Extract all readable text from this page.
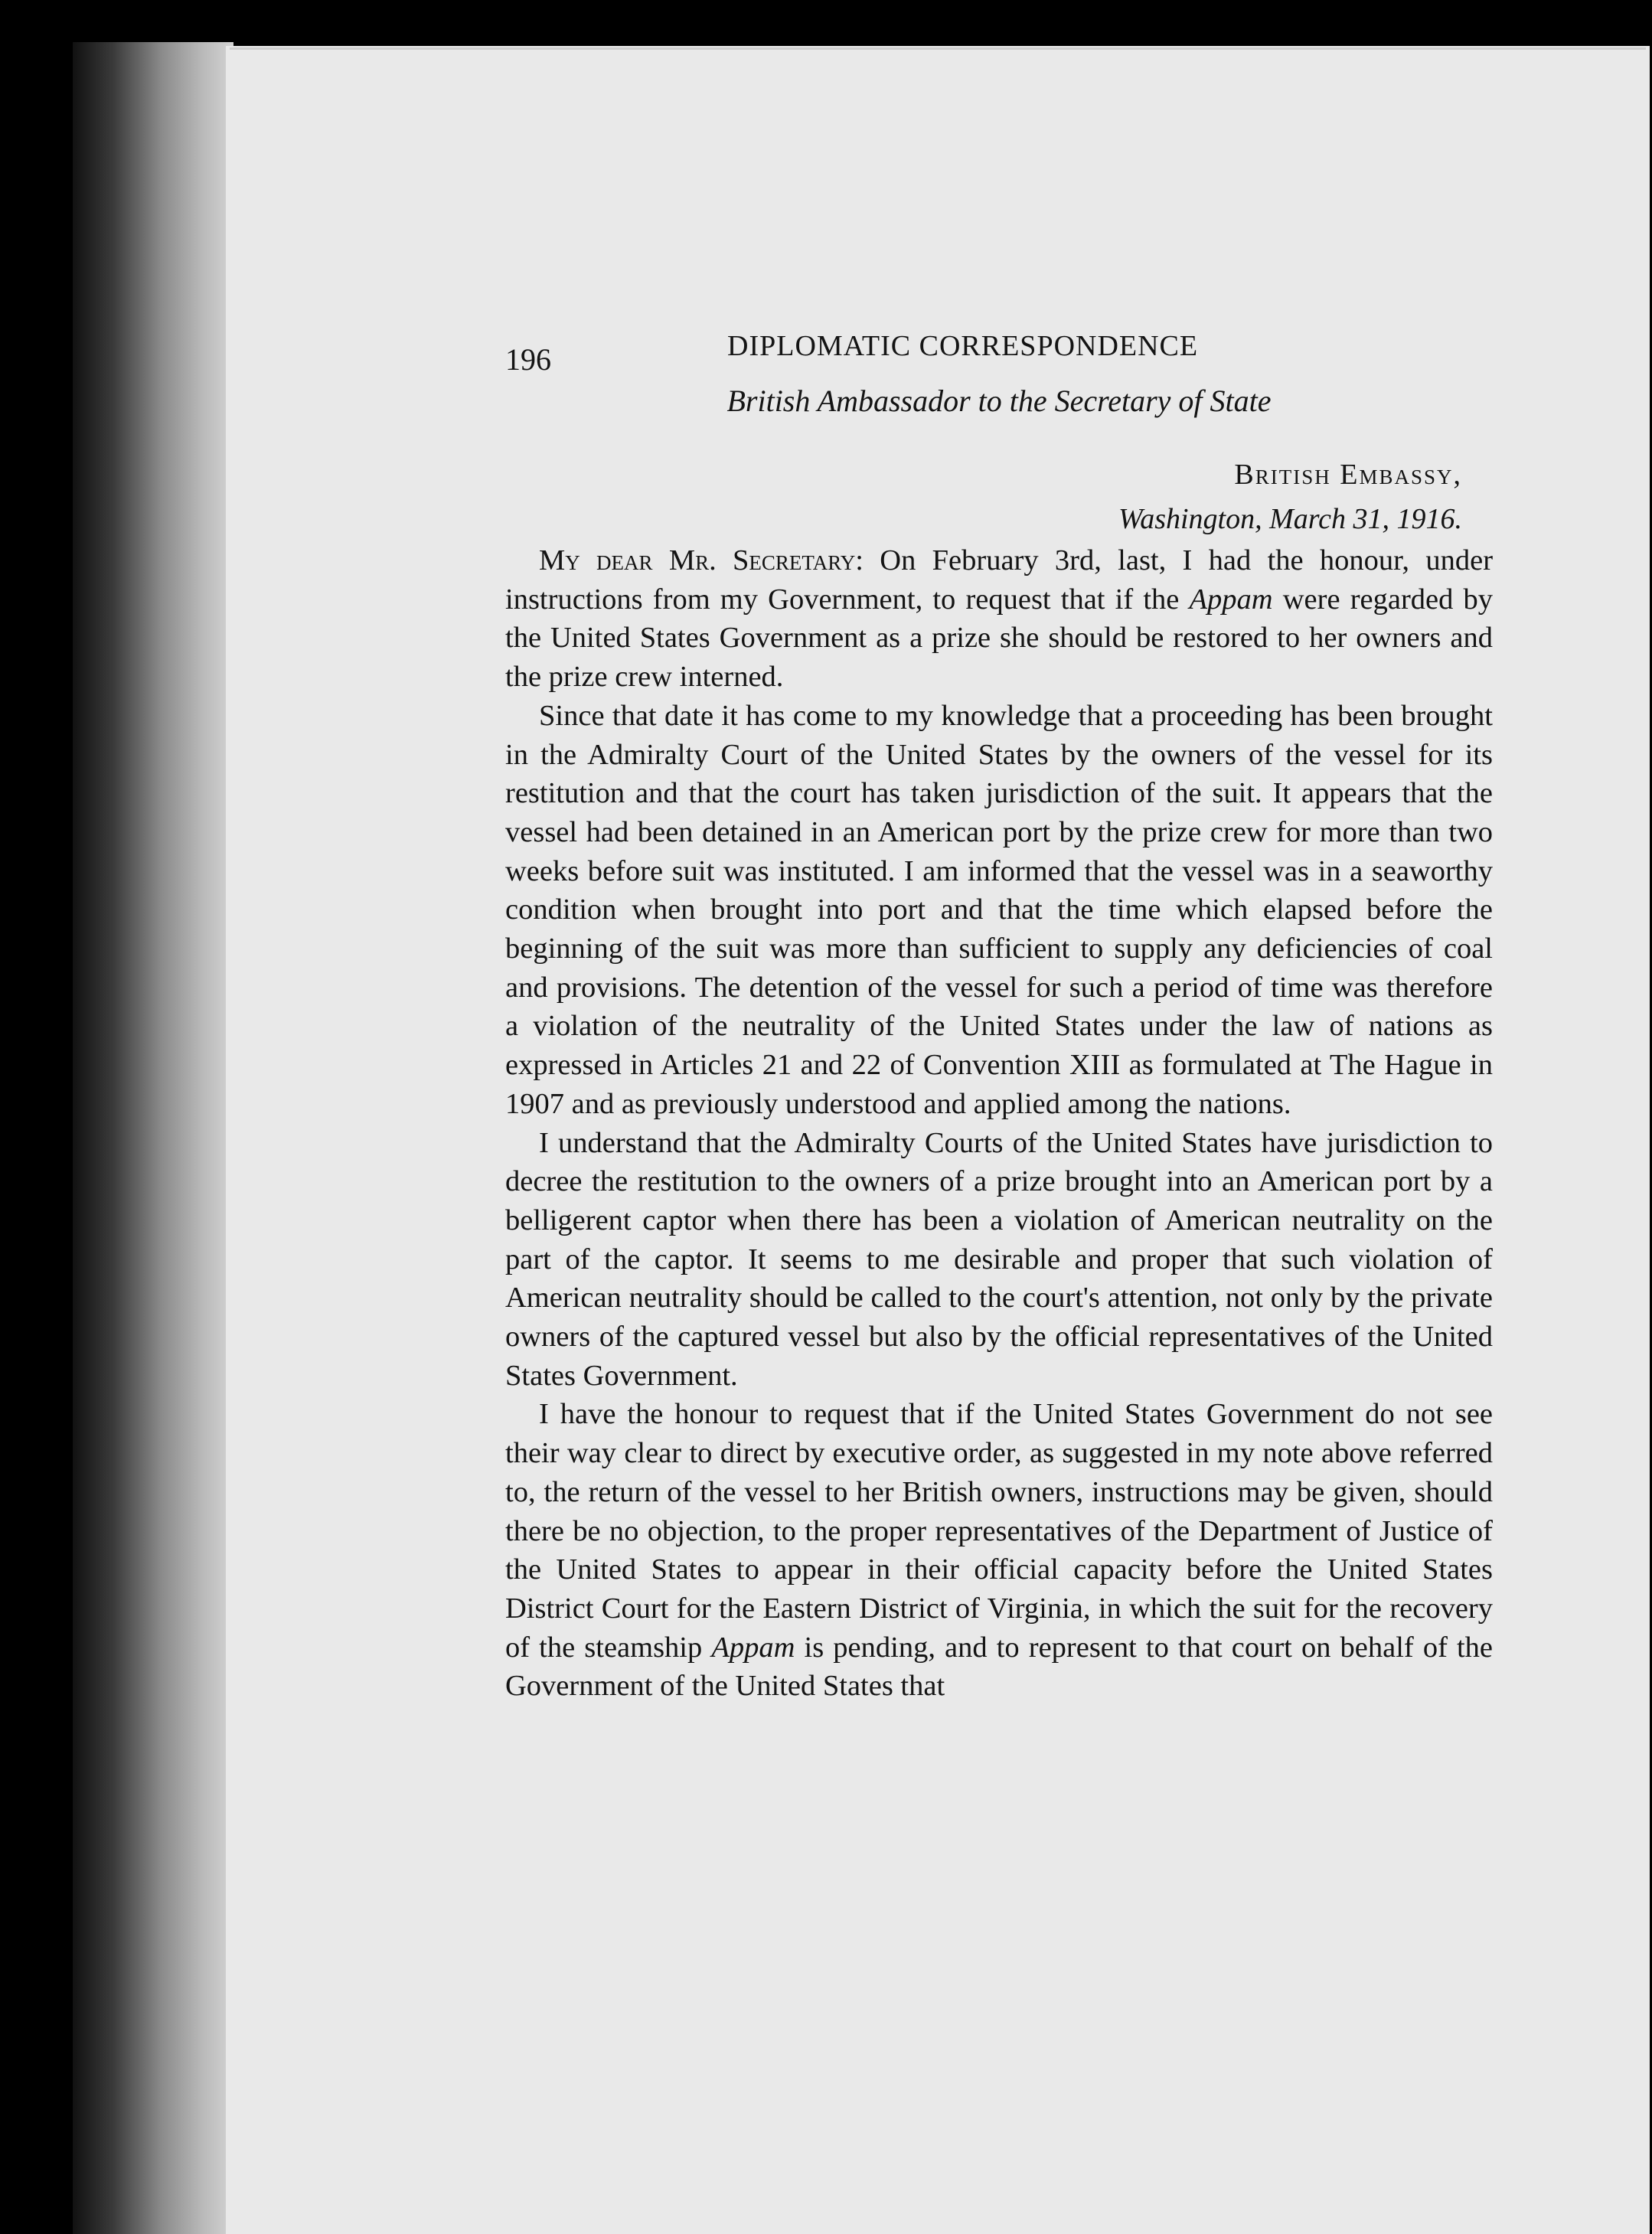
196	DIPLOMATIC CORRESPONDENCE
British Ambassador to the Secretary of State
British Embassy,
Washington, March 31, 1916.

My dear Mr. Secretary: On February 3rd, last, I had the honour, under instructions from my Government, to request that if the Appam were regarded by the United States Government as a prize she should be restored to her owners and the prize crew interned.

Since that date it has come to my knowledge that a proceeding has been brought in the Admiralty Court of the United States by the owners of the vessel for its restitution and that the court has taken jurisdiction of the suit. It appears that the vessel had been detained in an American port by the prize crew for more than two weeks before suit was instituted. I am informed that the vessel was in a seaworthy condition when brought into port and that the time which elapsed before the beginning of the suit was more than sufficient to supply any deficiencies of coal and provisions. The detention of the vessel for such a period of time was therefore a violation of the neutrality of the United States under the law of nations as expressed in Articles 21 and 22 of Convention XIII as formulated at The Hague in 1907 and as previously understood and applied among the nations.

I understand that the Admiralty Courts of the United States have jurisdiction to decree the restitution to the owners of a prize brought into an American port by a belligerent captor when there has been a violation of American neutrality on the part of the captor. It seems to me desirable and proper that such violation of American neutrality should be called to the court's attention, not only by the private owners of the captured vessel but also by the official representatives of the United States Government.

I have the honour to request that if the United States Government do not see their way clear to direct by executive order, as suggested in my note above referred to, the return of the vessel to her British owners, instructions may be given, should there be no objection, to the proper representatives of the Department of Justice of the United States to appear in their official capacity before the United States District Court for the Eastern District of Virginia, in which the suit for the recovery of the steamship Appam is pending, and to represent to that court on behalf of the Government of the United States that
